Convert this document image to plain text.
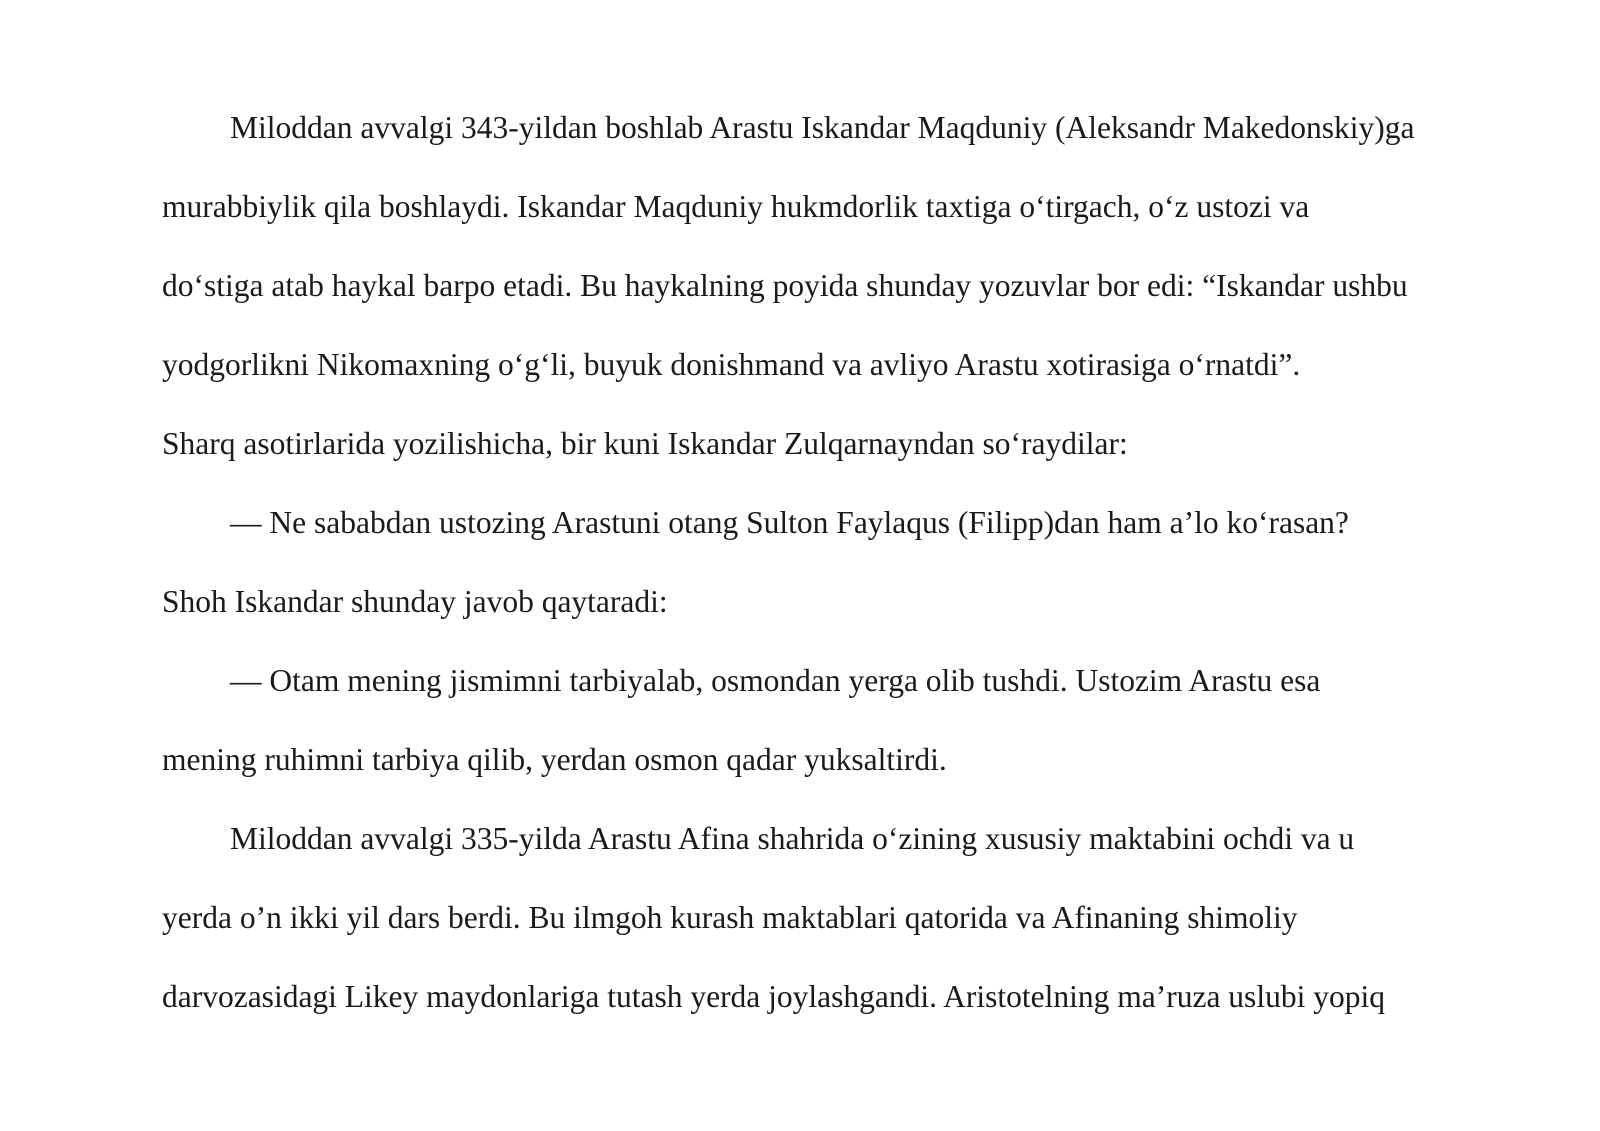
Miloddan avvalgi 343-yildan boshlab Arastu Iskandar Maqduniy (Aleksandr Makedonskiy)ga

murabbiylik qila boshlaydi. Iskandar Maqduniy hukmdorlik taxtiga o‘tirgach, o‘z ustozi va

do‘stiga atab haykal barpo etadi. Bu haykalning poyida shunday yozuvlar bor edi: “Iskandar ushbu

yodgorlikni Nikomaxning o‘g‘li, buyuk donishmand va avliyo Arastu xotirasiga o‘rnatdi”.

Sharq asotirlarida yozilishicha, bir kuni Iskandar Zulqarnayndan so‘raydilar:

— Ne sababdan ustozing Arastuni otang Sulton Faylaqus (Filipp)dan ham a’lo ko‘rasan?

Shoh Iskandar shunday javob qaytaradi:

— Otam mening jismimni tarbiyalab, osmondan yerga olib tushdi. Ustozim Arastu esa

mening ruhimni tarbiya qilib, yerdan osmon qadar yuksaltirdi.

Miloddan avvalgi 335-yilda Arastu Afina shahrida o‘zining xususiy maktabini ochdi va u

yerda o’n ikki yil dars berdi. Bu ilmgoh kurash maktablari qatorida va Afinaning shimoliy

darvozasidagi Likey maydonlariga tutash yerda joylashgandi. Aristotelning ma’ruza uslubi yopiq
